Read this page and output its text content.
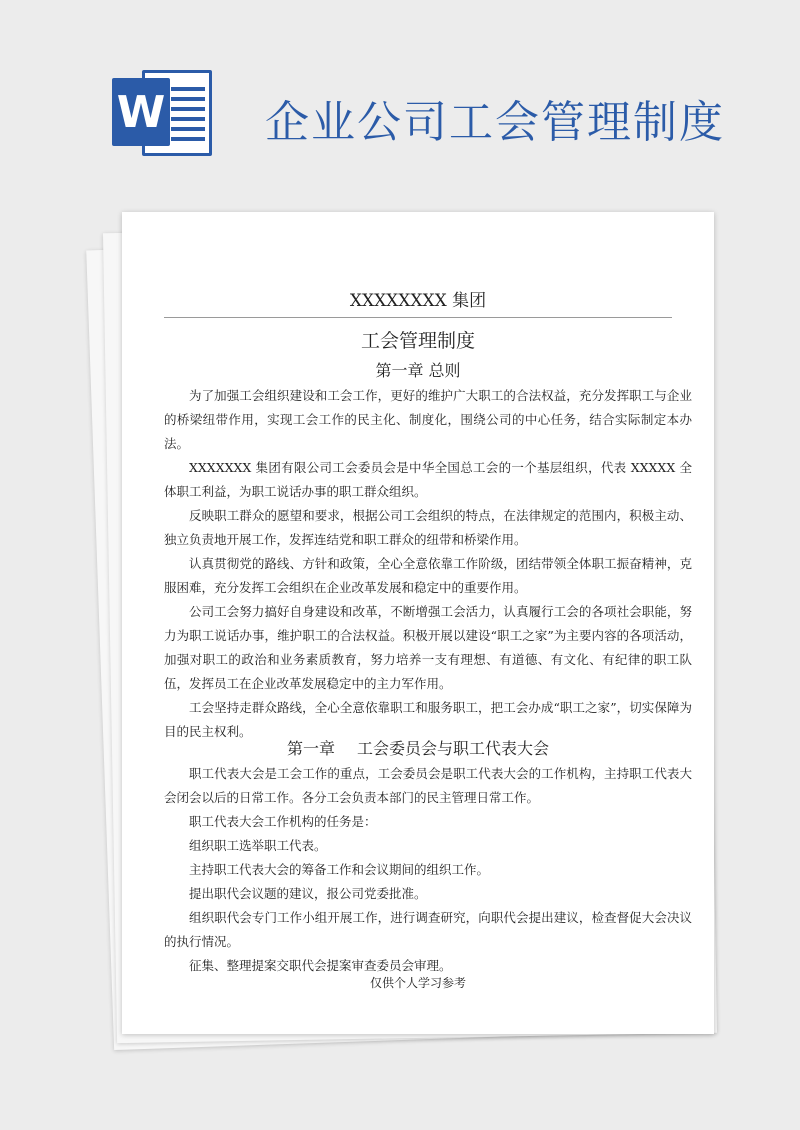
W 企业公司工会管理制度
XXXXXXXX 集团
工会管理制度
第一章 总则

为了加强工会组织建设和工会工作，更好的维护广大职工的合法权益，充分发挥职工与企业的桥梁纽带作用，实现工会工作的民主化、制度化，围绕公司的中心任务，结合实际制定本办法。

XXXXXXX 集团有限公司工会委员会是中华全国总工会的一个基层组织，代表 XXXXX 全体职工利益，为职工说话办事的职工群众组织。

反映职工群众的愿望和要求，根据公司工会组织的特点，在法律规定的范围内，积极主动、独立负责地开展工作，发挥连结党和职工群众的纽带和桥梁作用。

认真贯彻党的路线、方针和政策，全心全意依靠工作阶级，团结带领全体职工振奋精神，克服困难，充分发挥工会组织在企业改革发展和稳定中的重要作用。

公司工会努力搞好自身建设和改革，不断增强工会活力，认真履行工会的各项社会职能，努力为职工说话办事，维护职工的合法权益。积极开展以建设“职工之家”为主要内容的各项活动，加强对职工的政治和业务素质教育，努力培养一支有理想、有道德、有文化、有纪律的职工队伍，发挥员工在企业改革发展稳定中的主力军作用。

工会坚持走群众路线，全心全意依靠职工和服务职工，把工会办成“职工之家”，切实保障为目的民主权利。

第一章 工会委员会与职工代表大会

职工代表大会是工会工作的重点，工会委员会是职工代表大会的工作机构，主持职工代表大会闭会以后的日常工作。各分工会负责本部门的民主管理日常工作。

职工代表大会工作机构的任务是：

组织职工选举职工代表。

主持职工代表大会的筹备工作和会议期间的组织工作。

提出职代会议题的建议，报公司党委批准。

组织职代会专门工作小组开展工作，进行调查研究，向职代会提出建议，检查督促大会决议的执行情况。

征集、整理提案交职代会提案审查委员会审理。

仅供个人学习参考
